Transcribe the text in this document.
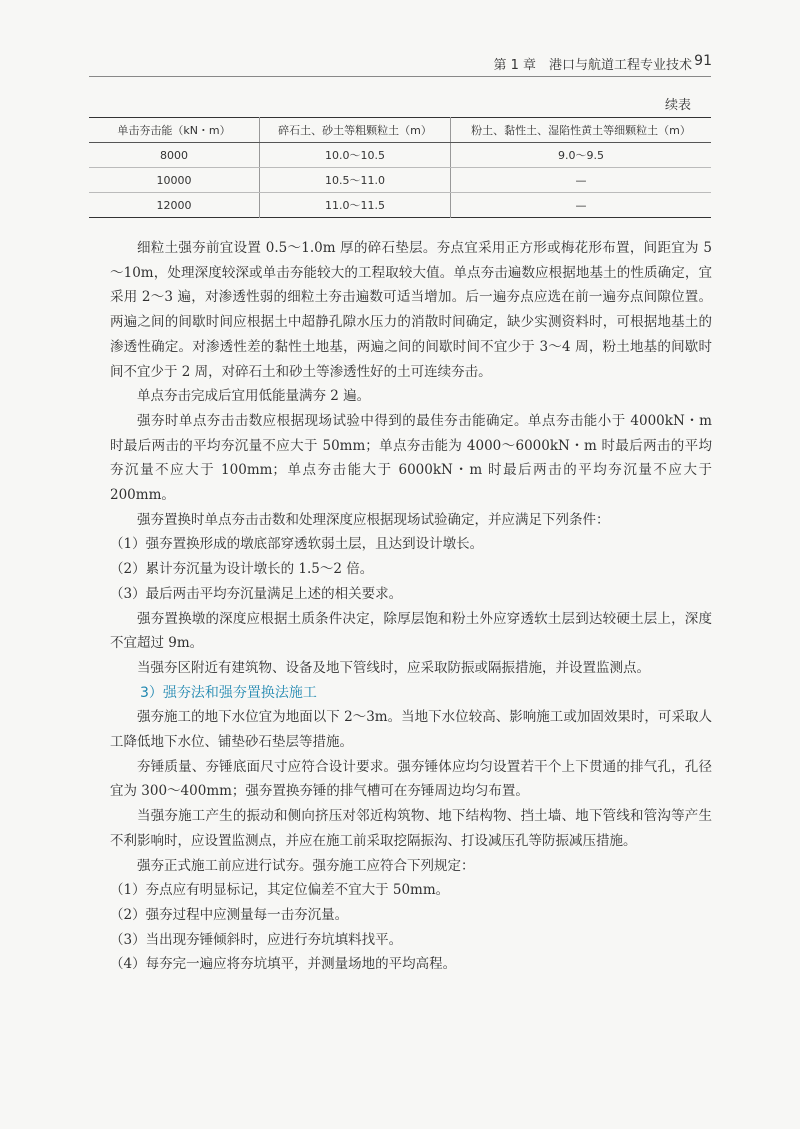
第 1 章　港口与航道工程专业技术 91
续表
单击夯击能（kN・m）	碎石土、砂土等粗颗粒土（m）	粉土、黏性土、湿陷性黄土等细颗粒土（m）
8000	10.0～10.5	9.0～9.5
10000	10.5～11.0	—
12000	11.0～11.5	—

细粒土强夯前宜设置 0.5～1.0m 厚的碎石垫层。夯点宜采用正方形或梅花形布置，间距宜为 5～10m，处理深度较深或单击夯能较大的工程取较大值。单点夯击遍数应根据地基土的性质确定，宜采用 2～3 遍，对渗透性弱的细粒土夯击遍数可适当增加。后一遍夯点应选在前一遍夯点间隙位置。两遍之间的间歇时间应根据土中超静孔隙水压力的消散时间确定，缺少实测资料时，可根据地基土的渗透性确定。对渗透性差的黏性土地基，两遍之间的间歇时间不宜少于 3～4 周，粉土地基的间歇时间不宜少于 2 周，对碎石土和砂土等渗透性好的土可连续夯击。

单点夯击完成后宜用低能量满夯 2 遍。

强夯时单点夯击击数应根据现场试验中得到的最佳夯击能确定。单点夯击能小于 4000kN・m 时最后两击的平均夯沉量不应大于 50mm；单点夯击能为 4000～6000kN・m 时最后两击的平均夯沉量不应大于 100mm；单点夯击能大于 6000kN・m 时最后两击的平均夯沉量不应大于 200mm。

强夯置换时单点夯击击数和处理深度应根据现场试验确定，并应满足下列条件：

（1）强夯置换形成的墩底部穿透软弱土层，且达到设计墩长。

（2）累计夯沉量为设计墩长的 1.5～2 倍。

（3）最后两击平均夯沉量满足上述的相关要求。

强夯置换墩的深度应根据土质条件决定，除厚层饱和粉土外应穿透软土层到达较硬土层上，深度不宜超过 9m。

当强夯区附近有建筑物、设备及地下管线时，应采取防振或隔振措施，并设置监测点。

3）强夯法和强夯置换法施工

强夯施工的地下水位宜为地面以下 2～3m。当地下水位较高、影响施工或加固效果时，可采取人工降低地下水位、铺垫砂石垫层等措施。

夯锤质量、夯锤底面尺寸应符合设计要求。强夯锤体应均匀设置若干个上下贯通的排气孔，孔径宜为 300～400mm；强夯置换夯锤的排气槽可在夯锤周边均匀布置。

当强夯施工产生的振动和侧向挤压对邻近构筑物、地下结构物、挡土墙、地下管线和管沟等产生不利影响时，应设置监测点，并应在施工前采取挖隔振沟、打设减压孔等防振减压措施。

强夯正式施工前应进行试夯。强夯施工应符合下列规定：

（1）夯点应有明显标记，其定位偏差不宜大于 50mm。

（2）强夯过程中应测量每一击夯沉量。

（3）当出现夯锤倾斜时，应进行夯坑填料找平。

（4）每夯完一遍应将夯坑填平，并测量场地的平均高程。
